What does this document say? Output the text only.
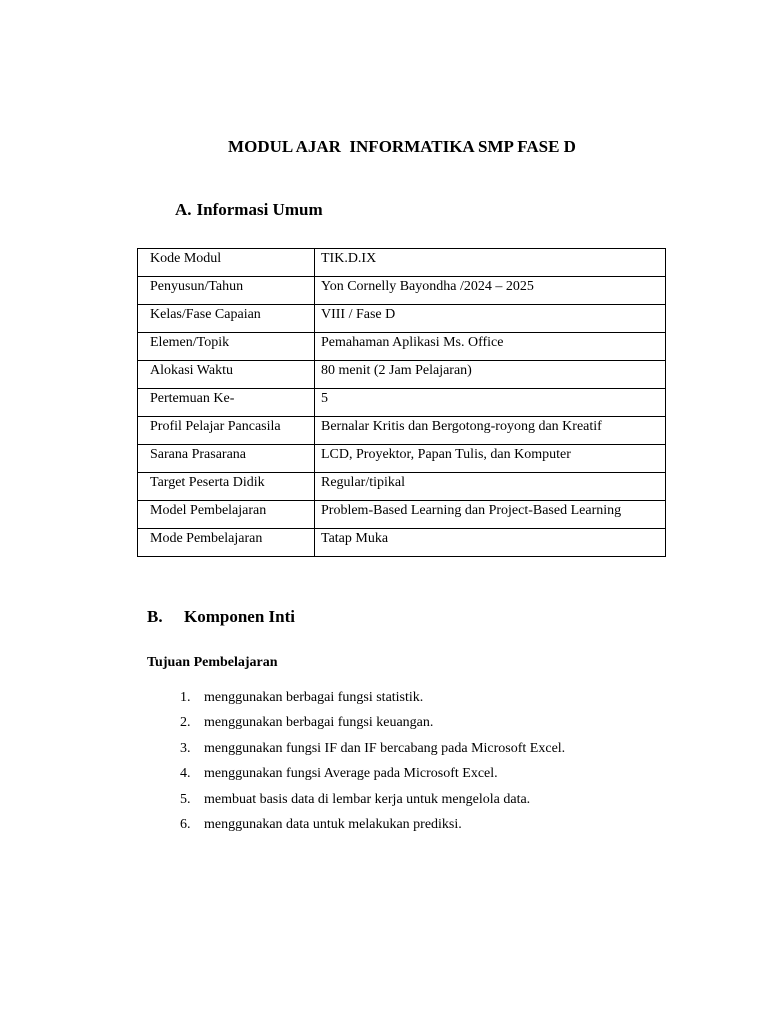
MODUL AJAR  INFORMATIKA SMP FASE D
A. Informasi Umum
Kode Modul	TIK.D.IX
Penyusun/Tahun	Yon Cornelly Bayondha /2024 – 2025
Kelas/Fase Capaian	VIII / Fase D
Elemen/Topik	Pemahaman Aplikasi Ms. Office
Alokasi Waktu	80 menit (2 Jam Pelajaran)
Pertemuan Ke-	5
Profil Pelajar Pancasila	Bernalar Kritis dan Bergotong-royong dan Kreatif
Sarana Prasarana	LCD, Proyektor, Papan Tulis, dan Komputer
Target Peserta Didik	Regular/tipikal
Model Pembelajaran	Problem-Based Learning dan Project-Based Learning
Mode Pembelajaran	Tatap Muka
B. Komponen Inti
Tujuan Pembelajaran
1. menggunakan berbagai fungsi statistik.
2. menggunakan berbagai fungsi keuangan.
3. menggunakan fungsi IF dan IF bercabang pada Microsoft Excel.
4. menggunakan fungsi Average pada Microsoft Excel.
5. membuat basis data di lembar kerja untuk mengelola data.
6. menggunakan data untuk melakukan prediksi.
